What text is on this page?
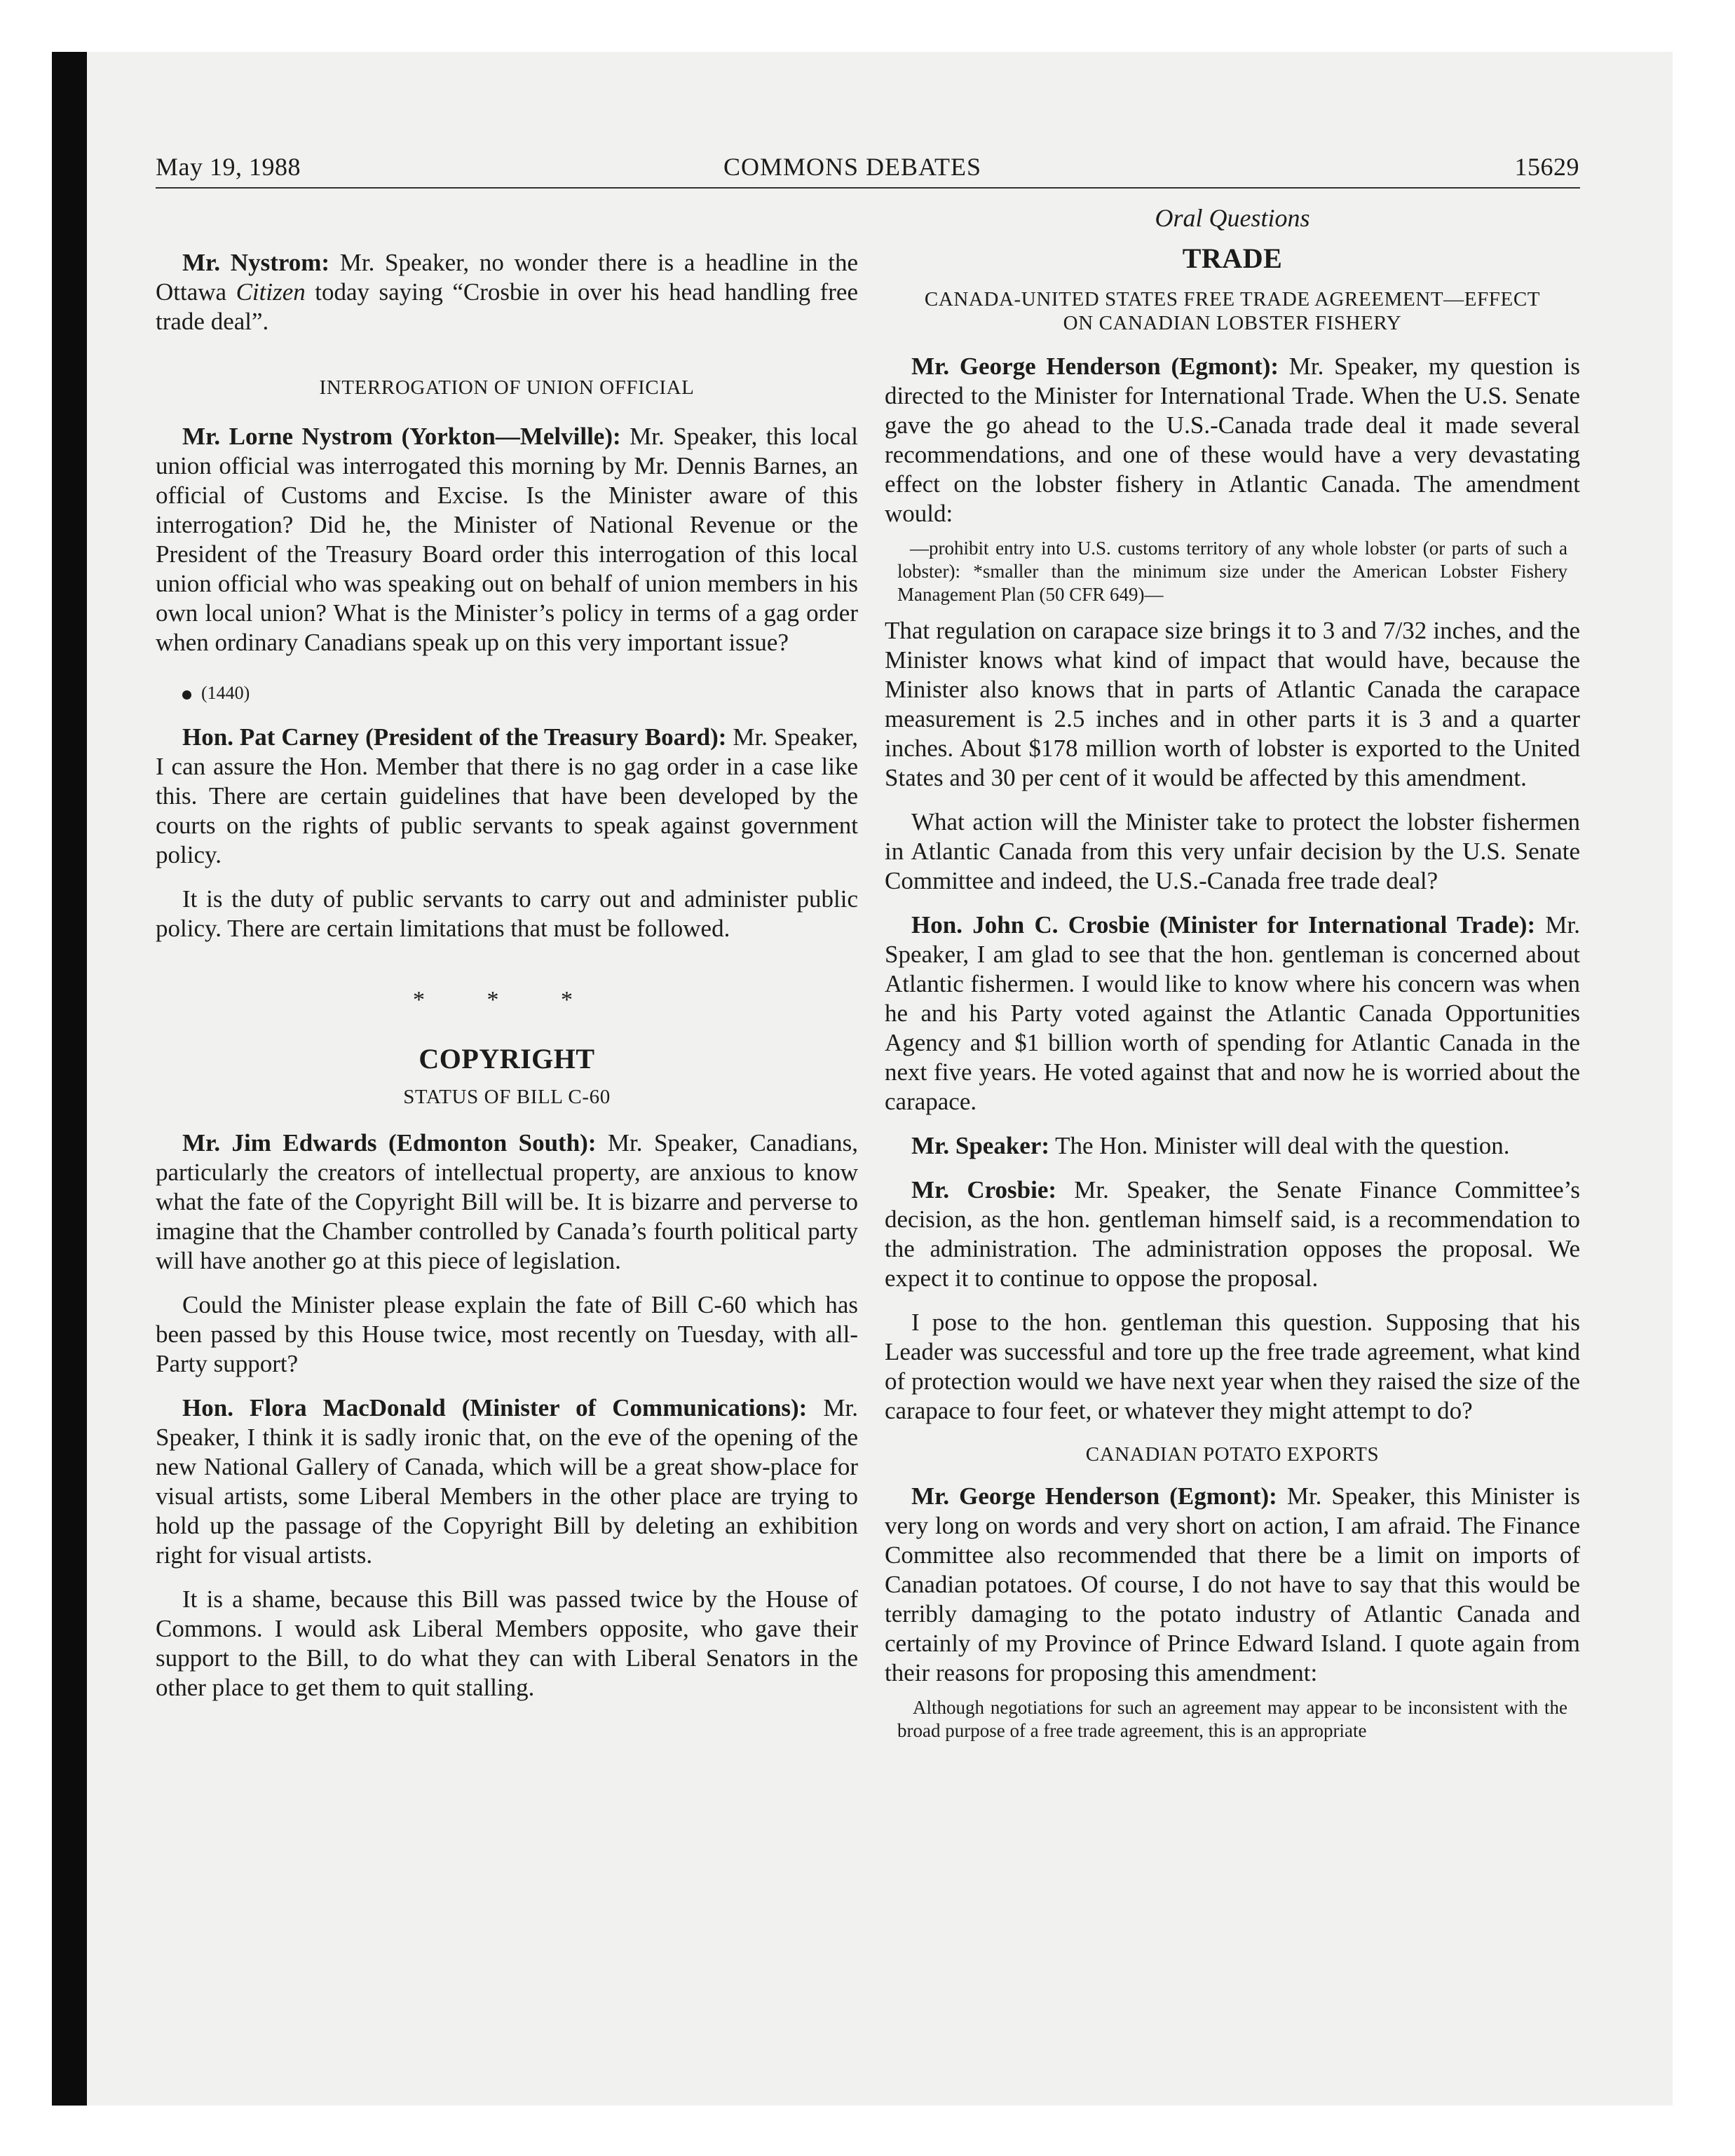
May 19, 1988	COMMONS DEBATES	15629

Mr. Nystrom: Mr. Speaker, no wonder there is a headline in the Ottawa Citizen today saying “Crosbie in over his head handling free trade deal”.

INTERROGATION OF UNION OFFICIAL

Mr. Lorne Nystrom (Yorkton—Melville): Mr. Speaker, this local union official was interrogated this morning by Mr. Dennis Barnes, an official of Customs and Excise. Is the Minister aware of this interrogation? Did he, the Minister of National Revenue or the President of the Treasury Board order this interrogation of this local union official who was speaking out on behalf of union members in his own local union? What is the Minister’s policy in terms of a gag order when ordinary Canadians speak up on this very important issue?

(1440)

Hon. Pat Carney (President of the Treasury Board): Mr. Speaker, I can assure the Hon. Member that there is no gag order in a case like this. There are certain guidelines that have been developed by the courts on the rights of public servants to speak against government policy.

It is the duty of public servants to carry out and administer public policy. There are certain limitations that must be followed.

* * *
COPYRIGHT
STATUS OF BILL C-60

Mr. Jim Edwards (Edmonton South): Mr. Speaker, Canadians, particularly the creators of intellectual property, are anxious to know what the fate of the Copyright Bill will be. It is bizarre and perverse to imagine that the Chamber controlled by Canada’s fourth political party will have another go at this piece of legislation.

Could the Minister please explain the fate of Bill C-60 which has been passed by this House twice, most recently on Tuesday, with all-Party support?

Hon. Flora MacDonald (Minister of Communications): Mr. Speaker, I think it is sadly ironic that, on the eve of the opening of the new National Gallery of Canada, which will be a great show-place for visual artists, some Liberal Members in the other place are trying to hold up the passage of the Copyright Bill by deleting an exhibition right for visual artists.

It is a shame, because this Bill was passed twice by the House of Commons. I would ask Liberal Members opposite, who gave their support to the Bill, to do what they can with Liberal Senators in the other place to get them to quit stalling.

Oral Questions
TRADE
CANADA-UNITED STATES FREE TRADE AGREEMENT—EFFECT ON CANADIAN LOBSTER FISHERY

Mr. George Henderson (Egmont): Mr. Speaker, my question is directed to the Minister for International Trade. When the U.S. Senate gave the go ahead to the U.S.-Canada trade deal it made several recommendations, and one of these would have a very devastating effect on the lobster fishery in Atlantic Canada. The amendment would:

—prohibit entry into U.S. customs territory of any whole lobster (or parts of such a lobster): *smaller than the minimum size under the American Lobster Fishery Management Plan (50 CFR 649)—

That regulation on carapace size brings it to 3 and 7/32 inches, and the Minister knows what kind of impact that would have, because the Minister also knows that in parts of Atlantic Canada the carapace measurement is 2.5 inches and in other parts it is 3 and a quarter inches. About $178 million worth of lobster is exported to the United States and 30 per cent of it would be affected by this amendment.

What action will the Minister take to protect the lobster fishermen in Atlantic Canada from this very unfair decision by the U.S. Senate Committee and indeed, the U.S.-Canada free trade deal?

Hon. John C. Crosbie (Minister for International Trade): Mr. Speaker, I am glad to see that the hon. gentleman is concerned about Atlantic fishermen. I would like to know where his concern was when he and his Party voted against the Atlantic Canada Opportunities Agency and $1 billion worth of spending for Atlantic Canada in the next five years. He voted against that and now he is worried about the carapace.

Mr. Speaker: The Hon. Minister will deal with the question.

Mr. Crosbie: Mr. Speaker, the Senate Finance Committee’s decision, as the hon. gentleman himself said, is a recommendation to the administration. The administration opposes the proposal. We expect it to continue to oppose the proposal.

I pose to the hon. gentleman this question. Supposing that his Leader was successful and tore up the free trade agreement, what kind of protection would we have next year when they raised the size of the carapace to four feet, or whatever they might attempt to do?

CANADIAN POTATO EXPORTS

Mr. George Henderson (Egmont): Mr. Speaker, this Minister is very long on words and very short on action, I am afraid. The Finance Committee also recommended that there be a limit on imports of Canadian potatoes. Of course, I do not have to say that this would be terribly damaging to the potato industry of Atlantic Canada and certainly of my Province of Prince Edward Island. I quote again from their reasons for proposing this amendment:

Although negotiations for such an agreement may appear to be inconsistent with the broad purpose of a free trade agreement, this is an appropriate
